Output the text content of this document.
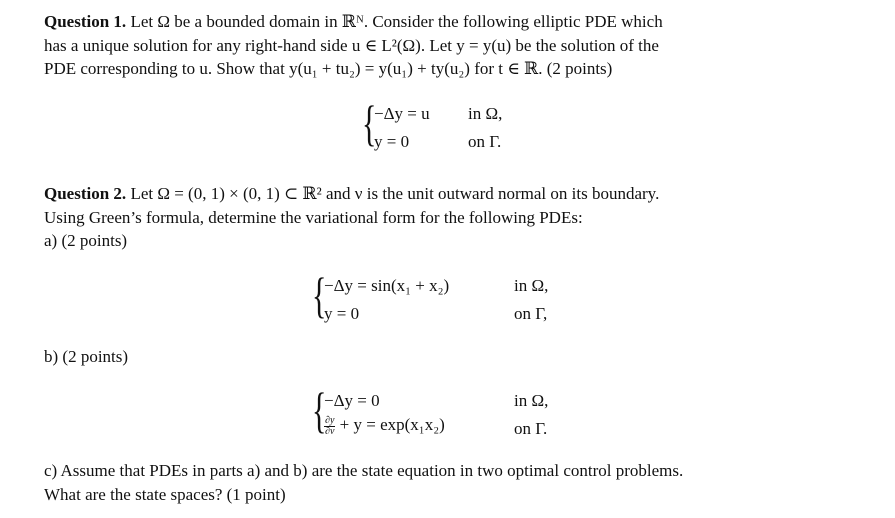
Question 1. Let Ω be a bounded domain in ℝᴺ. Consider the following elliptic PDE which
has a unique solution for any right-hand side u ∈ L²(Ω). Let y = y(u) be the solution of the
PDE corresponding to u. Show that y(u₁ + tu₂) = y(u₁) + ty(u₂) for t ∈ ℝ. (2 points)
{
−Δy = u
y = 0
in Ω,
on Γ.
Question 2. Let Ω = (0, 1) × (0, 1) ⊂ ℝ² and ν is the unit outward normal on its boundary.
Using Green’s formula, determine the variational form for the following PDEs:
a) (2 points)
{
−Δy = sin(x₁ + x₂)
y = 0
in Ω,
on Γ,
b) (2 points)
{
−Δy = 0
$\frac{\partial y}{\partial\nu} + y = \exp(x_1x_2)$
in Ω,
on Γ.
c) Assume that PDEs in parts a) and b) are the state equation in two optimal control problems.
What are the state spaces? (1 point)
